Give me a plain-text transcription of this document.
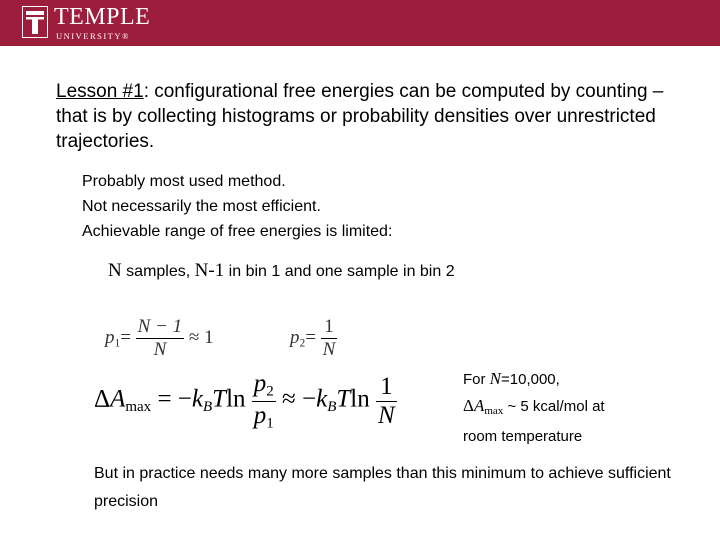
TEMPLE
UNIVERSITY®
Lesson #1: configurational free energies can be computed by counting – that is by collecting histograms or probability densities over unrestricted trajectories.
Probably most used method.
Not necessarily the most efficient.
Achievable range of free energies is limited:
N samples, N-1 in bin 1 and one sample in bin 2
$p_1= \frac{N - 1}{N} \approx 1$	$p_2= \frac{1}{N}$
$\Delta A_{max} = -k_BTln \frac{p_2}{p_1} \approx -k_BTln \frac{1}{N}$	For N=10,000,
$\Delta A_{max}$ ~ 5 kcal/mol at
room temperature
But in practice needs many more samples than this minimum to achieve sufficient precision
